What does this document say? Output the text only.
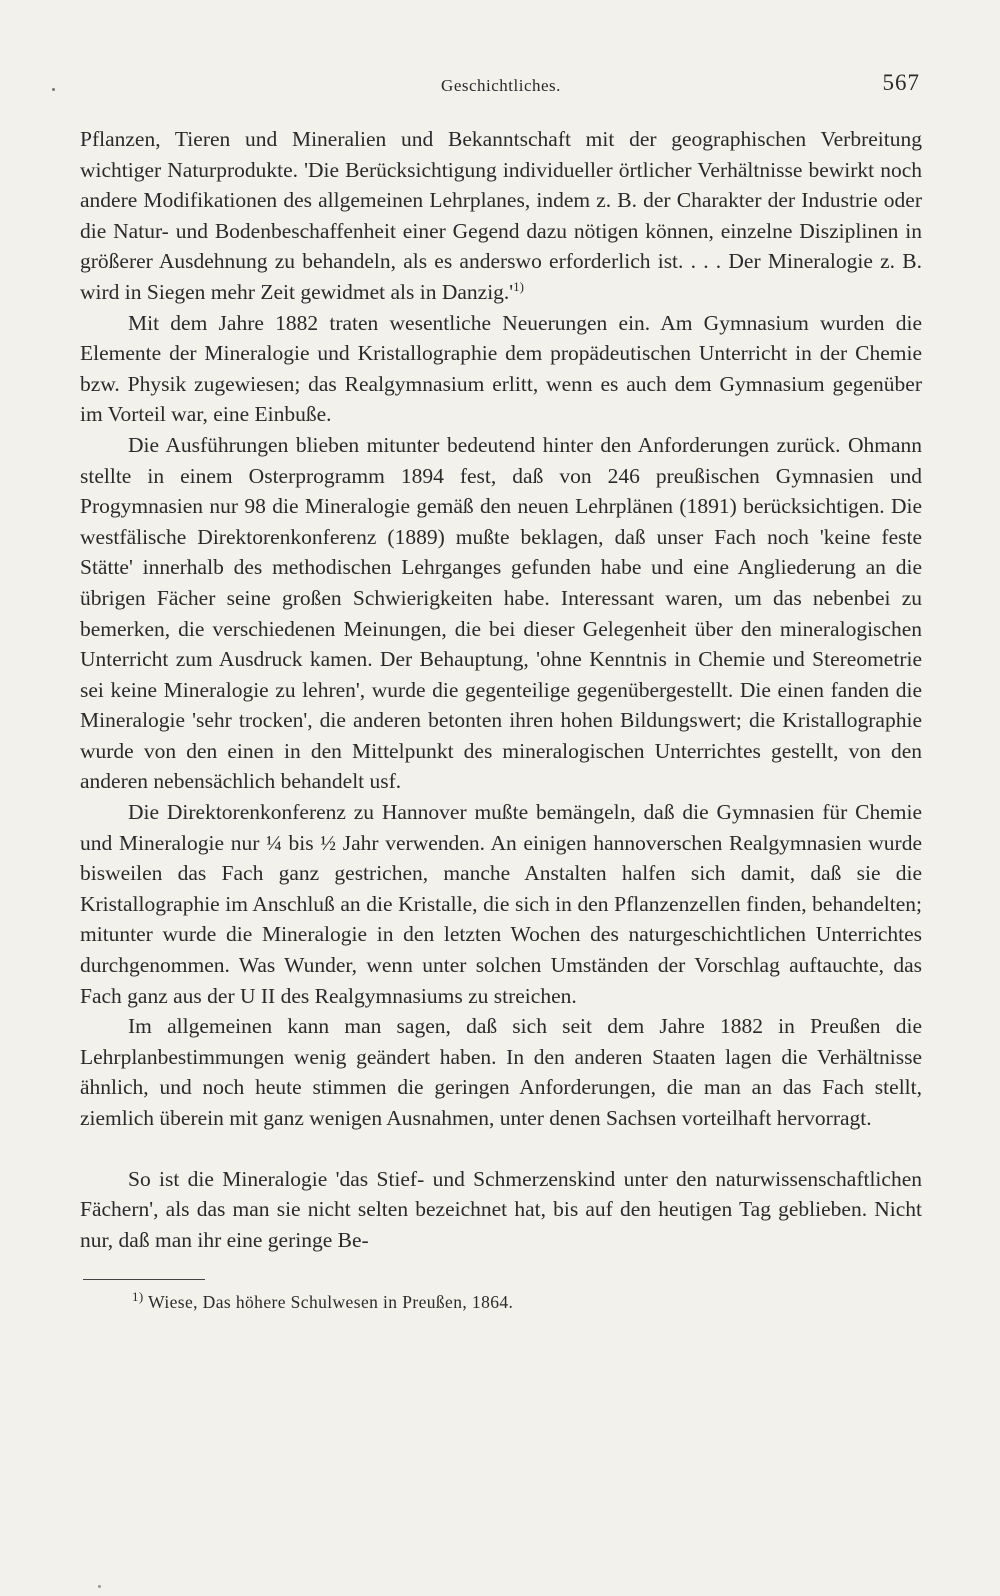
Geschichtliches.	567

Pflanzen, Tieren und Mineralien und Bekanntschaft mit der geographischen Verbreitung wichtiger Naturprodukte. 'Die Berücksichtigung individueller örtlicher Verhältnisse bewirkt noch andere Modifikationen des allgemeinen Lehrplanes, indem z. B. der Charakter der Industrie oder die Natur- und Bodenbeschaffenheit einer Gegend dazu nötigen können, einzelne Disziplinen in größerer Ausdehnung zu behandeln, als es anderswo erforderlich ist. . . . Der Mineralogie z. B. wird in Siegen mehr Zeit gewidmet als in $Danzig.'^{1)}$

Mit dem Jahre 1882 traten wesentliche Neuerungen ein. Am Gymnasium wurden die Elemente der Mineralogie und Kristallographie dem propädeutischen Unterricht in der Chemie bzw. Physik zugewiesen; das Realgymnasium erlitt, wenn es auch dem Gymnasium gegenüber im Vorteil war, eine Einbuße.

Die Ausführungen blieben mitunter bedeutend hinter den Anforderungen zurück. Ohmann stellte in einem Osterprogramm 1894 fest, daß von 246 preußischen Gymnasien und Progymnasien nur 98 die Mineralogie gemäß den neuen Lehrplänen (1891) berücksichtigen. Die westfälische Direktorenkonferenz (1889) mußte beklagen, daß unser Fach noch 'keine feste Stätte' innerhalb des methodischen Lehrganges gefunden habe und eine Angliederung an die übrigen Fächer seine großen Schwierigkeiten habe. Interessant waren, um das nebenbei zu bemerken, die verschiedenen Meinungen, die bei dieser Gelegenheit über den mineralogischen Unterricht zum Ausdruck kamen. Der Behauptung, 'ohne Kenntnis in Chemie und Stereometrie sei keine Mineralogie zu lehren', wurde die gegenteilige gegenübergestellt. Die einen fanden die Mineralogie 'sehr trocken', die anderen betonten ihren hohen Bildungswert; die Kristallographie wurde von den einen in den Mittelpunkt des mineralogischen Unterrichtes gestellt, von den anderen nebensächlich behandelt usf.

Die Direktorenkonferenz zu Hannover mußte bemängeln, daß die Gymnasien für Chemie und Mineralogie nur ¼ bis ½ Jahr verwenden. An einigen hannoverschen Realgymnasien wurde bisweilen das Fach ganz gestrichen, manche Anstalten halfen sich damit, daß sie die Kristallographie im Anschluß an die Kristalle, die sich in den Pflanzenzellen finden, behandelten; mitunter wurde die Mineralogie in den letzten Wochen des naturgeschichtlichen Unterrichtes durchgenommen. Was Wunder, wenn unter solchen Umständen der Vorschlag auftauchte, das Fach ganz aus der U II des Realgymnasiums zu streichen.

Im allgemeinen kann man sagen, daß sich seit dem Jahre 1882 in Preußen die Lehrplanbestimmungen wenig geändert haben. In den anderen Staaten lagen die Verhältnisse ähnlich, und noch heute stimmen die geringen Anforderungen, die man an das Fach stellt, ziemlich überein mit ganz wenigen Ausnahmen, unter denen Sachsen vorteilhaft hervorragt.

So ist die Mineralogie 'das Stief- und Schmerzenskind unter den naturwissenschaftlichen Fächern', als das man sie nicht selten bezeichnet hat, bis auf den heutigen Tag geblieben. Nicht nur, daß man ihr eine geringe Be-

$^{1)}$ Wiese, Das höhere Schulwesen in Preußen, 1864.
